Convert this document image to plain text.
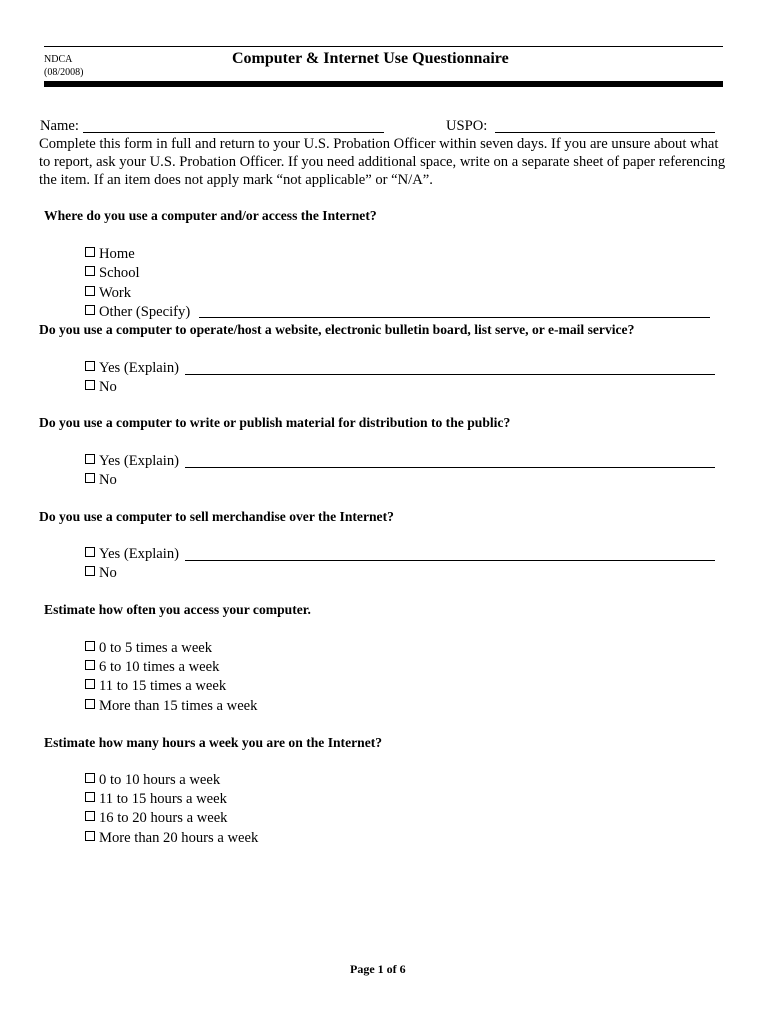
NDCA
(08/2008)
Computer & Internet Use Questionnaire
Name:	USPO:
Complete this form in full and return to your U.S. Probation Officer within seven days. If you are unsure about what to report, ask your U.S. Probation Officer. If you need additional space, write on a separate sheet of paper referencing the item. If an item does not apply mark “not applicable” or “N/A”.
Where do you use a computer and/or access the Internet?
Home
School
Work
Other (Specify)
Do you use a computer to operate/host a website, electronic bulletin board, list serve, or e-mail service?
Yes (Explain)
No
Do you use a computer to write or publish material for distribution to the public?
Yes (Explain)
No
Do you use a computer to sell merchandise over the Internet?
Yes (Explain)
No
Estimate how often you access your computer.
0 to 5 times a week
6 to 10 times a week
11 to 15 times a week
More than 15 times a week
Estimate how many hours a week you are on the Internet?
0 to 10 hours a week
11 to 15 hours a week
16 to 20 hours a week
More than 20 hours a week
Page 1 of 6
